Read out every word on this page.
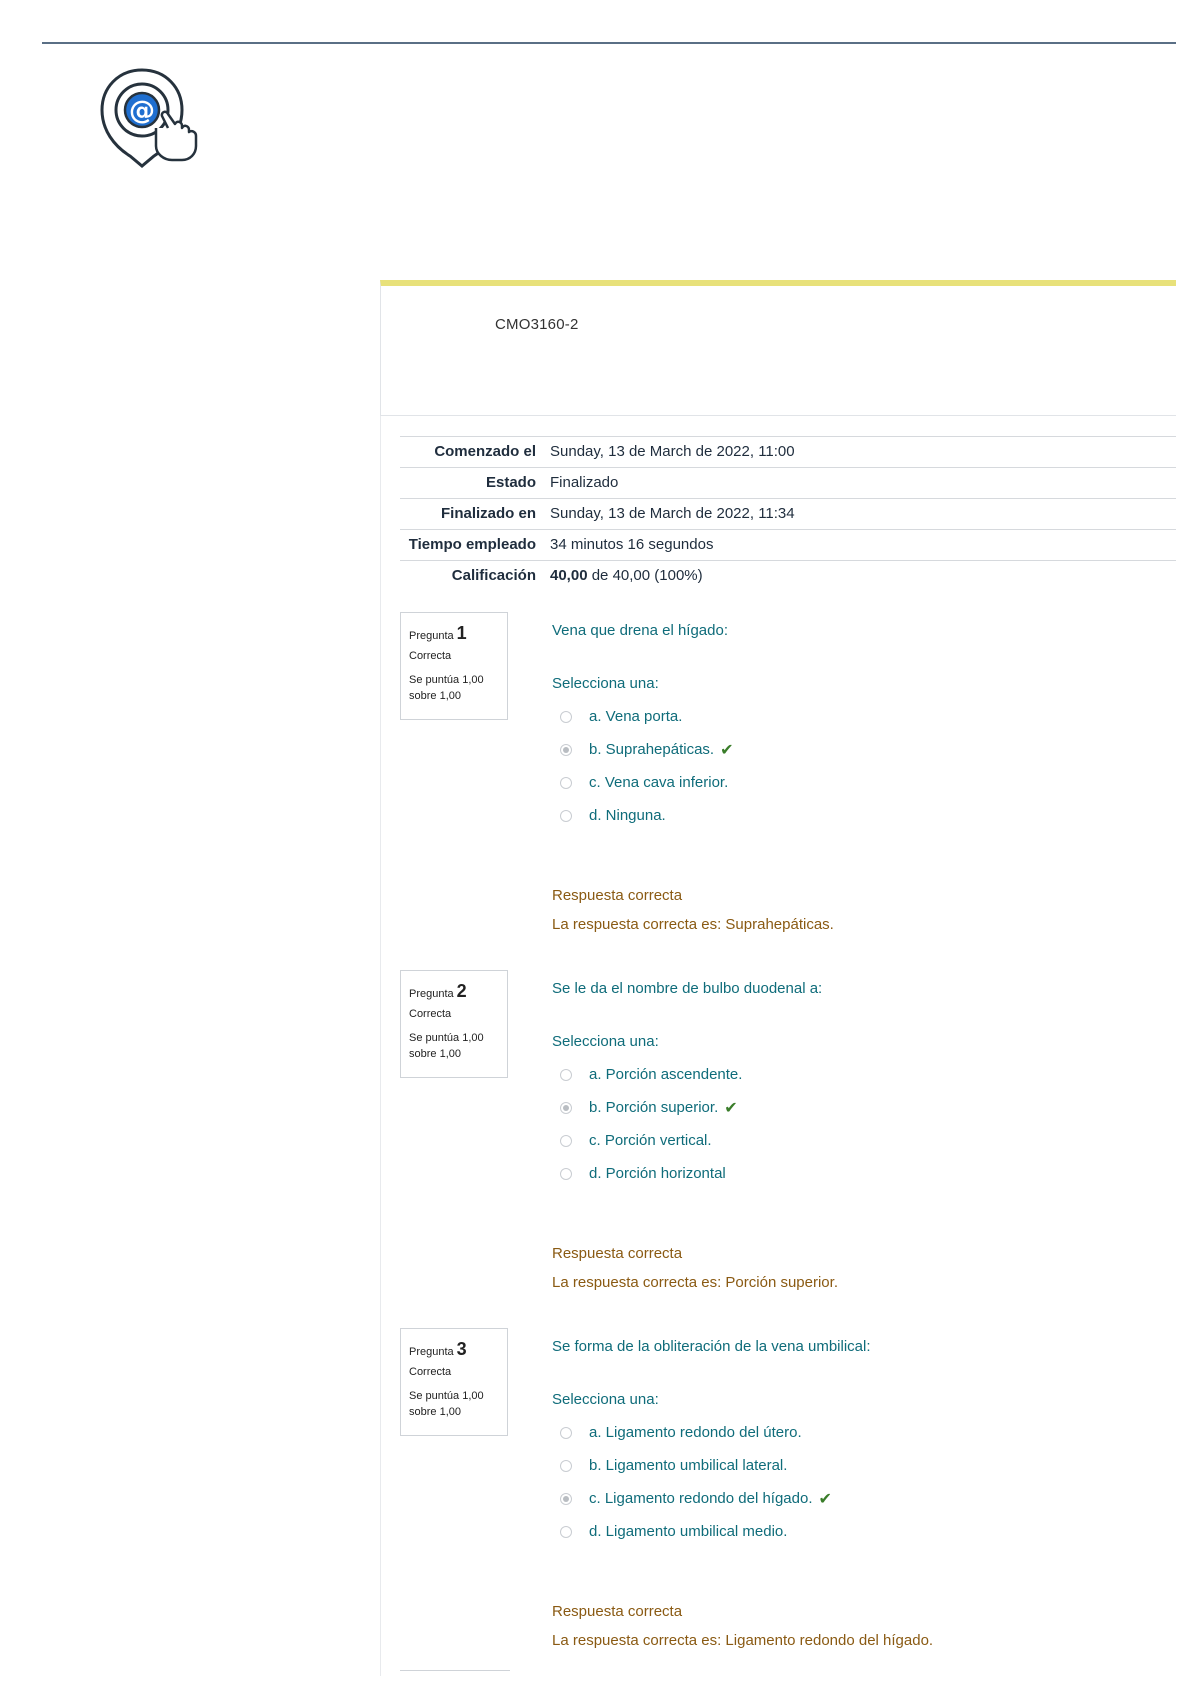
@
CMO3160-2
Comenzado el Sunday, 13 de March de 2022, 11:00
Estado Finalizado
Finalizado en Sunday, 13 de March de 2022, 11:34
Tiempo empleado 34 minutos 16 segundos
Calificación 40,00 de 40,00 (100%)
Pregunta 1
Correcta
Se puntúa 1,00 sobre 1,00
Vena que drena el hígado:
Selecciona una:
a. Vena porta.
b. Suprahepáticas. ✔
c. Vena cava inferior.
d. Ninguna.
Respuesta correcta
La respuesta correcta es: Suprahepáticas.
Pregunta 2
Correcta
Se puntúa 1,00 sobre 1,00
Se le da el nombre de bulbo duodenal a:
Selecciona una:
a. Porción ascendente.
b. Porción superior. ✔
c. Porción vertical.
d. Porción horizontal
Respuesta correcta
La respuesta correcta es: Porción superior.
Pregunta 3
Correcta
Se puntúa 1,00 sobre 1,00
Se forma de la obliteración de la vena umbilical:
Selecciona una:
a. Ligamento redondo del útero.
b. Ligamento umbilical lateral.
c. Ligamento redondo del hígado. ✔
d. Ligamento umbilical medio.
Respuesta correcta
La respuesta correcta es: Ligamento redondo del hígado.
